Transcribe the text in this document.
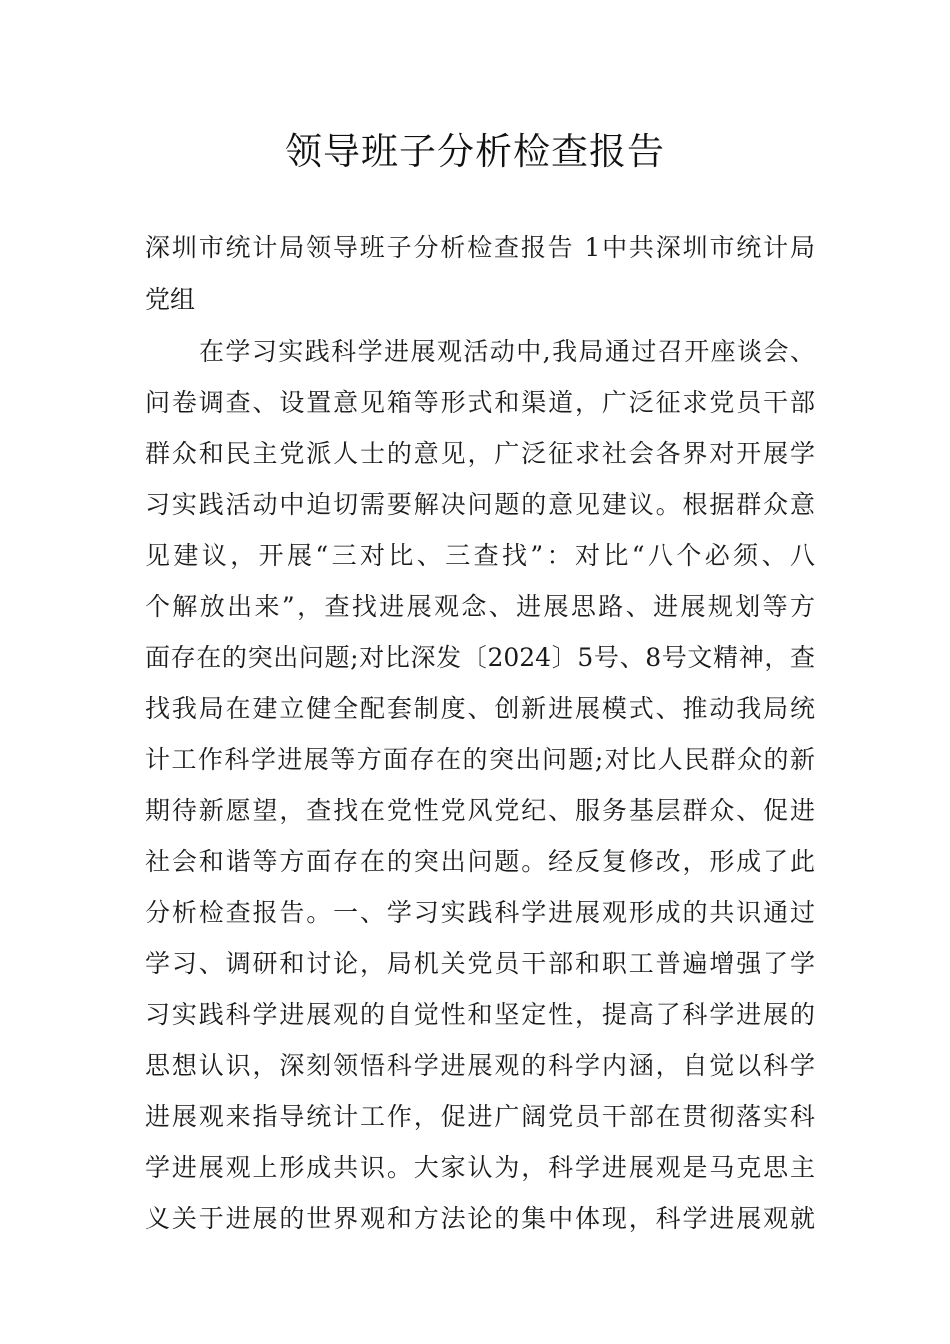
领导班子分析检查报告
深圳市统计局领导班子分析检查报告 1中共深圳市统计局
党组
在学习实践科学进展观活动中,我局通过召开座谈会、
问卷调查、设置意见箱等形式和渠道，广泛征求党员干部
群众和民主党派人士的意见，广泛征求社会各界对开展学
习实践活动中迫切需要解决问题的意见建议。根据群众意
见建议，开展“三对比、三查找”：对比“八个必须、八
个解放出来”，查找进展观念、进展思路、进展规划等方
面存在的突出问题;对比深发〔2024〕5号、8号文精神，查
找我局在建立健全配套制度、创新进展模式、推动我局统
计工作科学进展等方面存在的突出问题;对比人民群众的新
期待新愿望，查找在党性党风党纪、服务基层群众、促进
社会和谐等方面存在的突出问题。经反复修改，形成了此
分析检查报告。一、学习实践科学进展观形成的共识通过
学习、调研和讨论，局机关党员干部和职工普遍增强了学
习实践科学进展观的自觉性和坚定性，提高了科学进展的
思想认识，深刻领悟科学进展观的科学内涵，自觉以科学
进展观来指导统计工作，促进广阔党员干部在贯彻落实科
学进展观上形成共识。大家认为，科学进展观是马克思主
义关于进展的世界观和方法论的集中体现，科学进展观就
